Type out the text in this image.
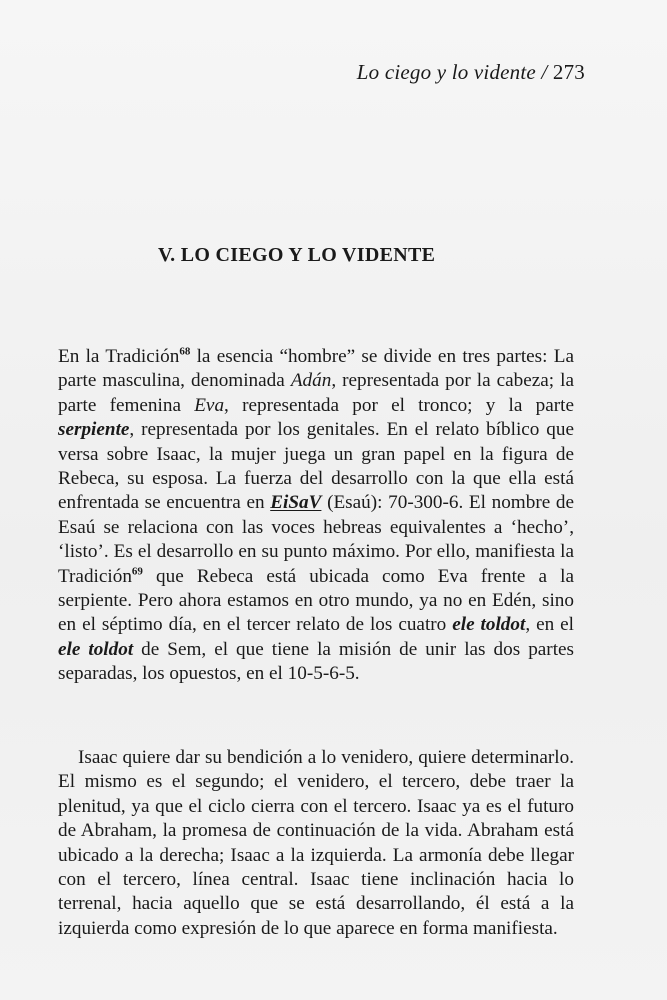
Lo ciego y lo vidente / 273
V. LO CIEGO Y LO VIDENTE

En la Tradición$^{68}$ la esencia “hombre” se divide en tres partes: La parte masculina, denominada Adán, representada por la cabeza; la parte femenina Eva, representada por el tronco; y la parte serpiente, representada por los genitales. En el relato bíblico que versa sobre Isaac, la mujer juega un gran papel en la figura de Rebeca, su esposa. La fuerza del desarrollo con la que ella está enfrentada se encuentra en EiSaV (Esaú): 70-300-6. El nombre de Esaú se relaciona con las voces hebreas equivalentes a ‘hecho’, ‘listo’. Es el desarrollo en su punto máximo. Por ello, manifiesta la Tradición$^{69}$ que Rebeca está ubicada como Eva frente a la serpiente. Pero ahora estamos en otro mundo, ya no en Edén, sino en el séptimo día, en el tercer relato de los cuatro ele toldot, en el ele toldot de Sem, el que tiene la misión de unir las dos partes separadas, los opuestos, en el 10-5-6-5.

Isaac quiere dar su bendición a lo venidero, quiere determinarlo. El mismo es el segundo; el venidero, el tercero, debe traer la plenitud, ya que el ciclo cierra con el tercero. Isaac ya es el futuro de Abraham, la promesa de continuación de la vida. Abraham está ubicado a la derecha; Isaac a la izquierda. La armonía debe llegar con el tercero, línea central. Isaac tiene inclinación hacia lo terrenal, hacia aquello que se está desarrollando, él está a la izquierda como expresión de lo que aparece en forma manifiesta.
